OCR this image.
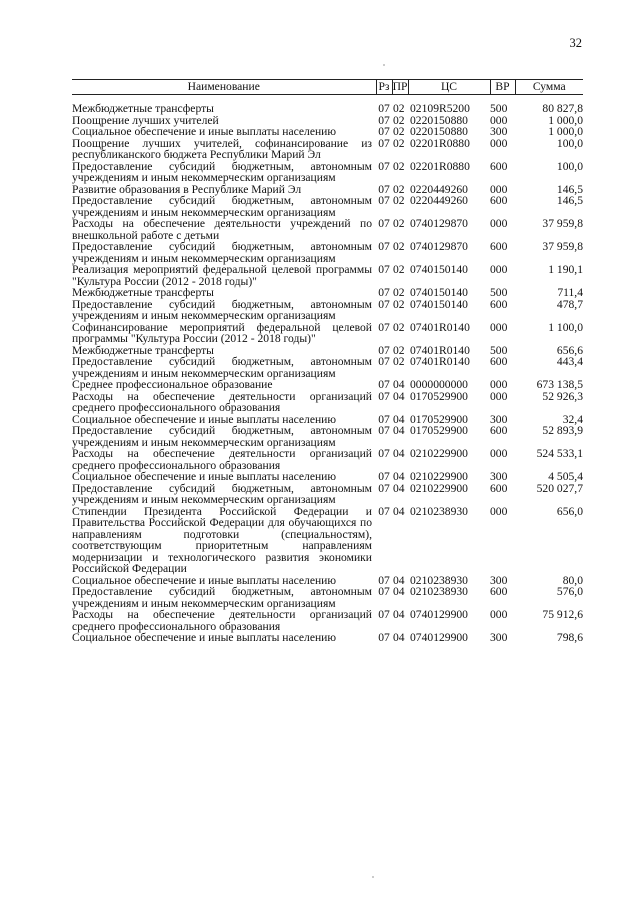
32
Наименование	Рз	ПР	ЦС	ВР	Сумма

Межбюджетные трансферты	07	02	02109R5200	500	80 827,8
Поощрение лучших учителей	07	02	0220150880	000	1 000,0
Социальное обеспечение и иные выплаты населению	07	02	0220150880	300	1 000,0
Поощрение лучших учителей, софинансирование из республиканского бюджета Республики Марий Эл	07	02	02201R0880	000	100,0
Предоставление субсидий бюджетным, автономным учреждениям и иным некоммерческим организациям	07	02	02201R0880	600	100,0
Развитие образования в Республике Марий Эл	07	02	0220449260	000	146,5
Предоставление субсидий бюджетным, автономным учреждениям и иным некоммерческим организациям	07	02	0220449260	600	146,5
Расходы на обеспечение деятельности учреждений по внешкольной работе с детьми	07	02	0740129870	000	37 959,8
Предоставление субсидий бюджетным, автономным учреждениям и иным некоммерческим организациям	07	02	0740129870	600	37 959,8
Реализация мероприятий федеральной целевой программы "Культура России (2012 - 2018 годы)"	07	02	0740150140	000	1 190,1
Межбюджетные трансферты	07	02	0740150140	500	711,4
Предоставление субсидий бюджетным, автономным учреждениям и иным некоммерческим организациям	07	02	0740150140	600	478,7
Софинансирование мероприятий федеральной целевой программы "Культура России (2012 - 2018 годы)"	07	02	07401R0140	000	1 100,0
Межбюджетные трансферты	07	02	07401R0140	500	656,6
Предоставление субсидий бюджетным, автономным учреждениям и иным некоммерческим организациям	07	02	07401R0140	600	443,4
Среднее профессиональное образование	07	04	0000000000	000	673 138,5
Расходы на обеспечение деятельности организаций среднего профессионального образования	07	04	0170529900	000	52 926,3
Социальное обеспечение и иные выплаты населению	07	04	0170529900	300	32,4
Предоставление субсидий бюджетным, автономным учреждениям и иным некоммерческим организациям	07	04	0170529900	600	52 893,9
Расходы на обеспечение деятельности организаций среднего профессионального образования	07	04	0210229900	000	524 533,1
Социальное обеспечение и иные выплаты населению	07	04	0210229900	300	4 505,4
Предоставление субсидий бюджетным, автономным учреждениям и иным некоммерческим организациям	07	04	0210229900	600	520 027,7
Стипендии Президента Российской Федерации и Правительства Российской Федерации для обучающихся по направлениям подготовки (специальностям), соответствующим приоритетным направлениям модернизации и технологического развития экономики Российской Федерации	07	04	0210238930	000	656,0
Социальное обеспечение и иные выплаты населению	07	04	0210238930	300	80,0
Предоставление субсидий бюджетным, автономным учреждениям и иным некоммерческим организациям	07	04	0210238930	600	576,0
Расходы на обеспечение деятельности организаций среднего профессионального образования	07	04	0740129900	000	75 912,6
Социальное обеспечение и иные выплаты населению	07	04	0740129900	300	798,6
